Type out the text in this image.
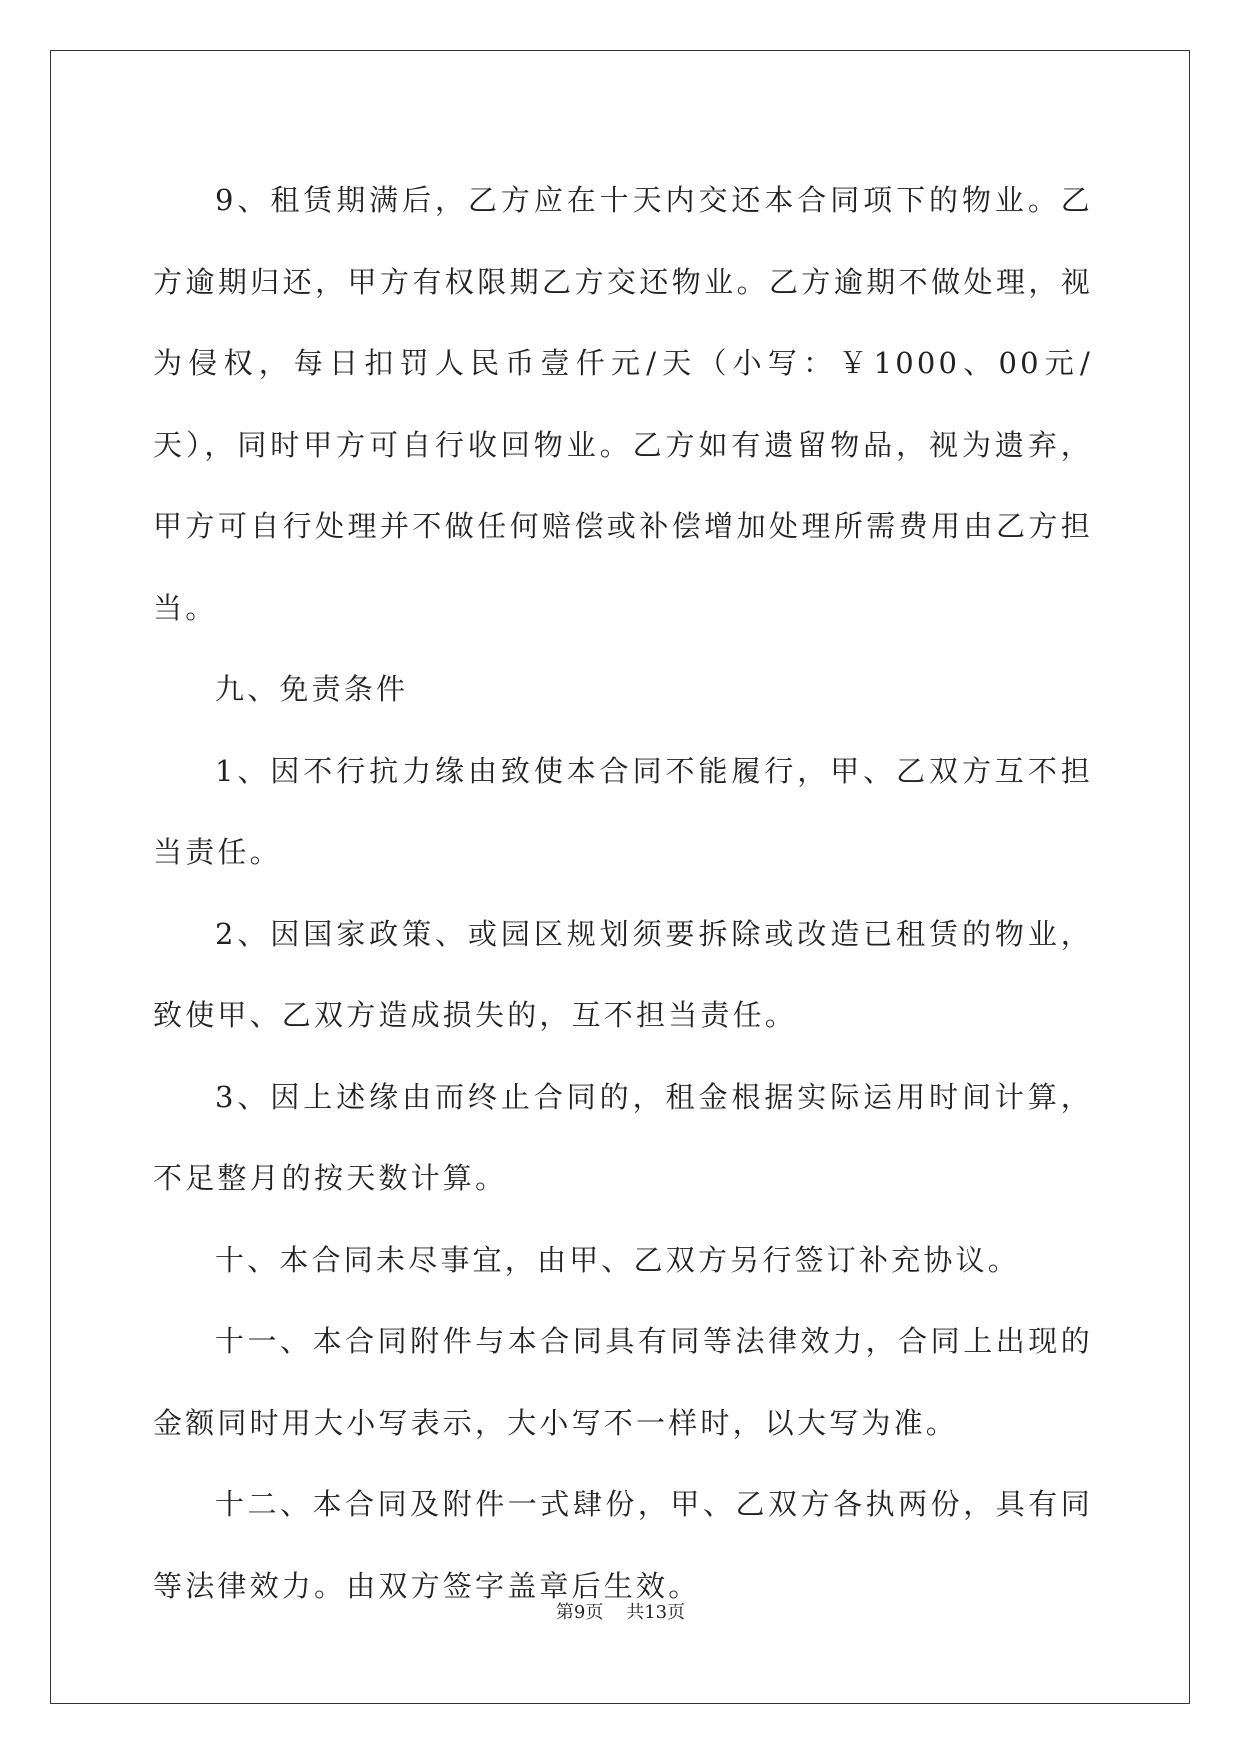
9、租赁期满后，乙方应在十天内交还本合同项下的物业。乙方逾期归还，甲方有权限期乙方交还物业。乙方逾期不做处理，视为侵权，每日扣罚人民币壹仟元/天（小写：￥1000、00元/天），同时甲方可自行收回物业。乙方如有遗留物品，视为遗弃，甲方可自行处理并不做任何赔偿或补偿增加处理所需费用由乙方担当。

九、免责条件

1、因不行抗力缘由致使本合同不能履行，甲、乙双方互不担当责任。

2、因国家政策、或园区规划须要拆除或改造已租赁的物业，致使甲、乙双方造成损失的，互不担当责任。

3、因上述缘由而终止合同的，租金根据实际运用时间计算，不足整月的按天数计算。

十、本合同未尽事宜，由甲、乙双方另行签订补充协议。

十一、本合同附件与本合同具有同等法律效力，合同上出现的金额同时用大小写表示，大小写不一样时，以大写为准。

十二、本合同及附件一式肆份，甲、乙双方各执两份，具有同等法律效力。由双方签字盖章后生效。

第9页 共13页
